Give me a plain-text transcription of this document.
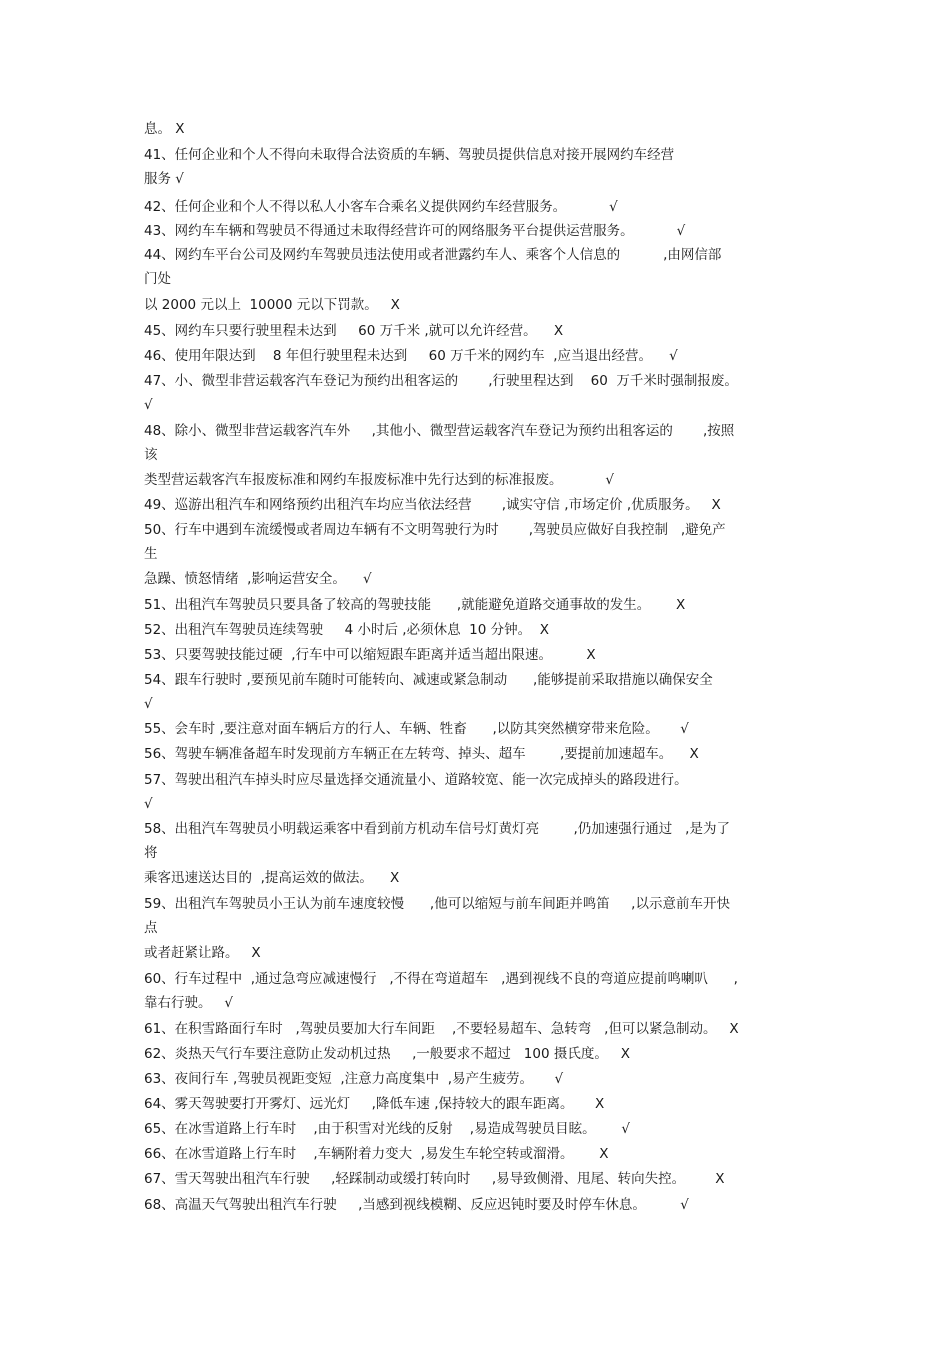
息。 X
41、任何企业和个人不得向未取得合法资质的车辆、驾驶员提供信息对接开展网约车经营
服务 √
42、任何企业和个人不得以私人小客车合乘名义提供网约车经营服务。          √
43、网约车车辆和驾驶员不得通过未取得经营许可的网络服务平台提供运营服务。          √
44、网约车平台公司及网约车驾驶员违法使用或者泄露约车人、乘客个人信息的          ,由网信部
门处
以 2000 元以上  10000 元以下罚款。   X
45、网约车只要行驶里程未达到     60 万千米 ,就可以允许经营。    X
46、使用年限达到    8 年但行驶里程未达到     60 万千米的网约车  ,应当退出经营。    √
47、小、微型非营运载客汽车登记为预约出租客运的       ,行驶里程达到    60  万千米时强制报废。
√
48、除小、微型非营运载客汽车外     ,其他小、微型营运载客汽车登记为预约出租客运的       ,按照
该
类型营运载客汽车报废标准和网约车报废标准中先行达到的标准报废。          √
49、巡游出租汽车和网络预约出租汽车均应当依法经营       ,诚实守信 ,市场定价 ,优质服务。   X
50、行车中遇到车流缓慢或者周边车辆有不文明驾驶行为时       ,驾驶员应做好自我控制   ,避免产
生
急躁、愤怒情绪  ,影响运营安全。    √
51、出租汽车驾驶员只要具备了较高的驾驶技能      ,就能避免道路交通事故的发生。      X
52、出租汽车驾驶员连续驾驶     4 小时后 ,必须休息  10 分钟。  X
53、只要驾驶技能过硬  ,行车中可以缩短跟车距离并适当超出限速。        X
54、跟车行驶时 ,要预见前车随时可能转向、减速或紧急制动      ,能够提前采取措施以确保安全
√
55、会车时 ,要注意对面车辆后方的行人、车辆、牲畜      ,以防其突然横穿带来危险。     √
56、驾驶车辆准备超车时发现前方车辆正在左转弯、掉头、超车        ,要提前加速超车。    X
57、驾驶出租汽车掉头时应尽量选择交通流量小、道路较宽、能一次完成掉头的路段进行。
√
58、出租汽车驾驶员小明载运乘客中看到前方机动车信号灯黄灯亮        ,仍加速强行通过   ,是为了
将
乘客迅速送达目的  ,提高运效的做法。    X
59、出租汽车驾驶员小王认为前车速度较慢      ,他可以缩短与前车间距并鸣笛     ,以示意前车开快
点
或者赶紧让路。   X
60、行车过程中  ,通过急弯应减速慢行   ,不得在弯道超车   ,遇到视线不良的弯道应提前鸣喇叭      ,
靠右行驶。   √
61、在积雪路面行车时   ,驾驶员要加大行车间距    ,不要轻易超车、急转弯   ,但可以紧急制动。   X
62、炎热天气行车要注意防止发动机过热     ,一般要求不超过   100 摄氏度。   X
63、夜间行车 ,驾驶员视距变短  ,注意力高度集中  ,易产生疲劳。     √
64、雾天驾驶要打开雾灯、远光灯     ,降低车速 ,保持较大的跟车距离。     X
65、在冰雪道路上行车时    ,由于积雪对光线的反射    ,易造成驾驶员目眩。      √
66、在冰雪道路上行车时    ,车辆附着力变大  ,易发生车轮空转或溜滑。      X
67、雪天驾驶出租汽车行驶     ,轻踩制动或缓打转向时     ,易导致侧滑、甩尾、转向失控。       X
68、高温天气驾驶出租汽车行驶     ,当感到视线模糊、反应迟钝时要及时停车休息。        √
